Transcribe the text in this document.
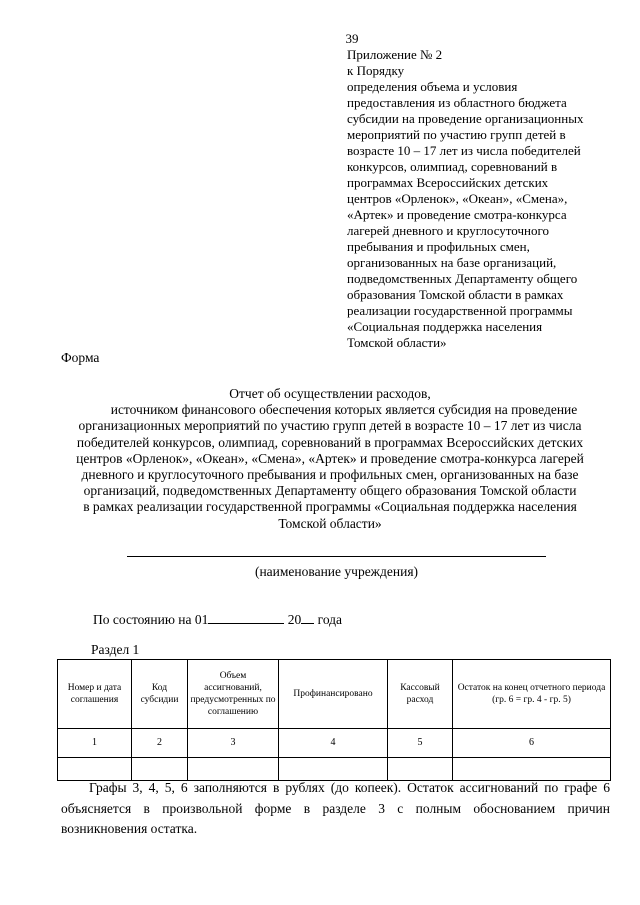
39
Приложение № 2
к Порядку
определения объема и условия
предоставления из областного бюджета
субсидии на проведение организационных
мероприятий по участию групп детей в
возрасте 10 – 17 лет из числа победителей
конкурсов, олимпиад, соревнований в
программах Всероссийских детских
центров «Орленок», «Океан», «Смена»,
«Артек» и проведение смотра-конкурса
лагерей дневного и круглосуточного
пребывания и профильных смен,
организованных на базе организаций,
подведомственных Департаменту общего
образования Томской области в рамках
реализации государственной программы
«Социальная поддержка населения
Томской области»
Форма
Отчет об осуществлении расходов,
источником финансового обеспечения которых является субсидия на проведение
организационных мероприятий по участию групп детей в возрасте 10 – 17 лет из числа
победителей конкурсов, олимпиад, соревнований в программах Всероссийских детских
центров «Орленок», «Океан», «Смена», «Артек» и проведение смотра-конкурса лагерей
дневного и круглосуточного пребывания и профильных смен, организованных на базе
организаций, подведомственных Департаменту общего образования Томской области
в рамках реализации государственной программы «Социальная поддержка населения
Томской области»
(наименование учреждения)
По состоянию на 01	20 года
Раздел 1
Номер и дата соглашения	Код субсидии	Объем ассигнований, предусмотренных по соглашению	Профинансировано	Кассовый расход	Остаток на конец отчетного периода (гр. 6 = гр. 4 - гр. 5)
1	2	3	4	5	6

Графы 3, 4, 5, 6 заполняются в рублях (до копеек). Остаток ассигнований по графе 6
объясняется в произвольной форме в разделе 3 с полным обоснованием причин
возникновения остатка.
